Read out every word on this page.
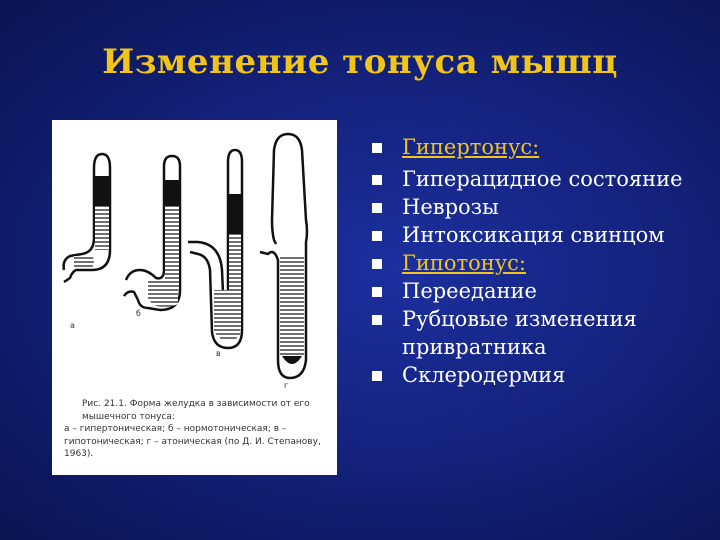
Изменение тонуса мышц
б
в
г
Рис. 21.1. Форма желудка в зависимости от его мышечного тонуса:
а – гипертоническая; б – нормотоническая; в – гипотоническая; г – атоническая (по Д. И. Степанову, 1963).
Гипертонус:
Гиперацидное состояние
Неврозы
Интоксикация свинцом
Гипотонус:
Переедание
Рубцовые изменения
привратника
Склеродермия
а
